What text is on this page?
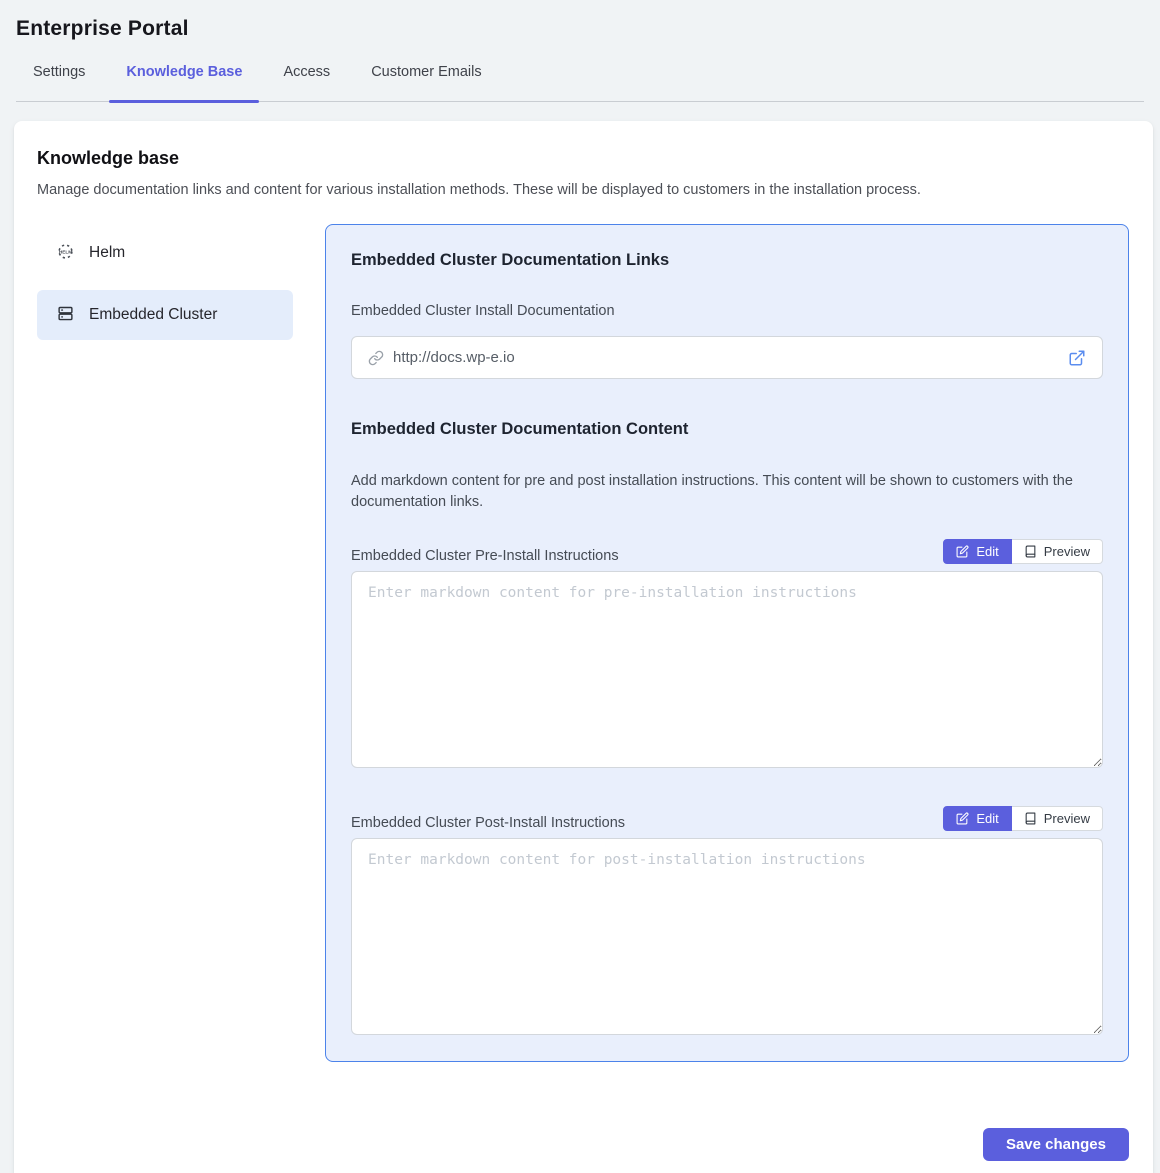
Enterprise Portal
Settings	Knowledge Base	Access	Customer Emails
Knowledge base
Manage documentation links and content for various installation methods. These will be displayed to customers in the installation process.
HELM Helm
Embedded Cluster
Embedded Cluster Documentation Links
Embedded Cluster Install Documentation
http://docs.wp-e.io
Embedded Cluster Documentation Content

Add markdown content for pre and post installation instructions. This content will be shown to customers with the documentation links.

Embedded Cluster Pre-Install Instructions	Edit	Preview
Enter markdown content for pre-installation instructions
Embedded Cluster Post-Install Instructions	Edit	Preview
Enter markdown content for post-installation instructions
Save changes
